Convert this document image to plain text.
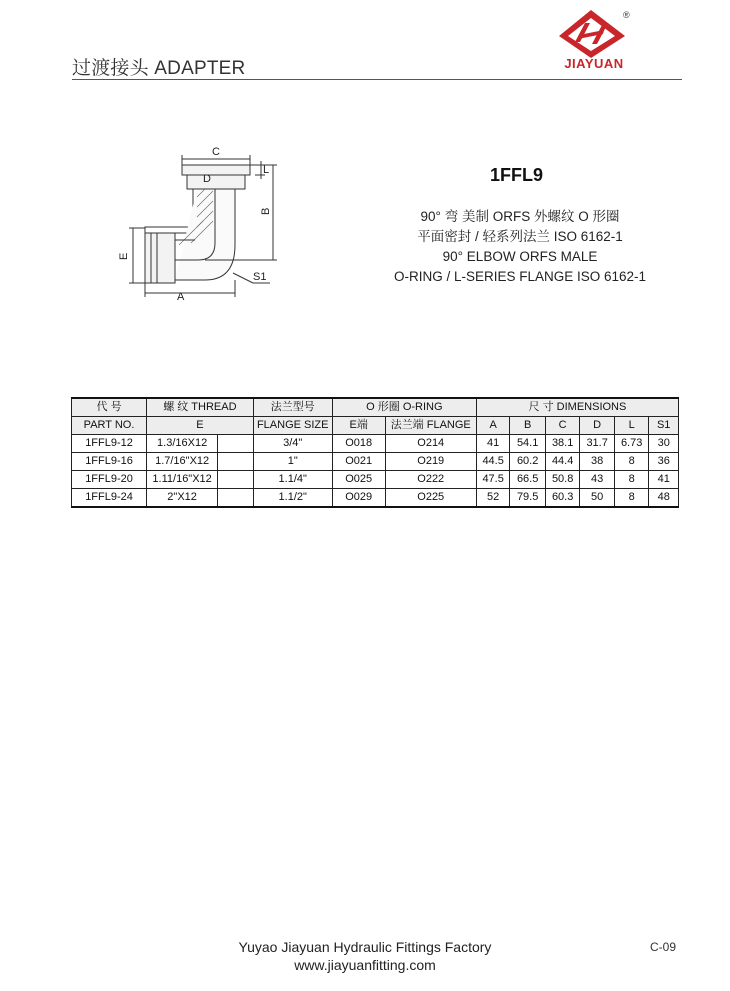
过渡接头 ADAPTER
®
JIAYUAN
C
D
L
B
E
A
S1
1FFL9
90° 弯 美制 ORFS 外螺纹 O 形圈
平面密封 / 轻系列法兰 ISO 6162-1
90° ELBOW ORFS MALE
O-RING / L-SERIES FLANGE ISO 6162-1
代 号	螺 纹 THREAD		法兰型号	O 形圈 O-RING		尺 寸 DIMENSIONS					
PART NO.	E		FLANGE SIZE	E端	法兰端 FLANGE	A	B	C	D	L	S1
1FFL9-12	1.3/16X12		3/4"	O018	O214	41	54.1	38.1	31.7	6.73	30
1FFL9-16	1.7/16"X12		1"	O021	O219	44.5	60.2	44.4	38	8	36
1FFL9-20	1.11/16"X12		1.1/4"	O025	O222	47.5	66.5	50.8	43	8	41
1FFL9-24	2"X12		1.1/2"	O029	O225	52	79.5	60.3	50	8	48
Yuyao Jiayuan Hydraulic Fittings Factory
www.jiayuanfitting.com
C-09
